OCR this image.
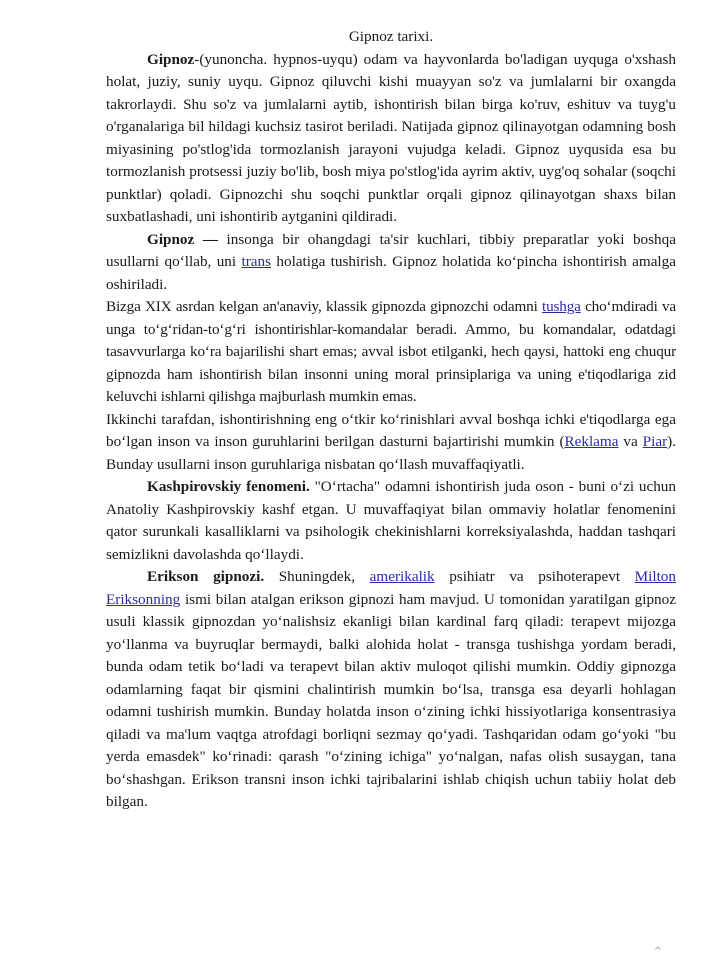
Gipnoz tarixi.

Gipnoz-(yunoncha. hypnos-uyqu) odam va hayvonlarda bo'ladigan uyquga o'xshash holat, juziy, suniy uyqu. Gipnoz qiluvchi kishi muayyan so'z va jumlalarni bir oxangda takrorlaydi. Shu so'z va jumlalarni aytib, ishontirish bilan birga ko'ruv, eshituv va tuyg'u o'rganalariga bil hildagi kuchsiz tasirot beriladi. Natijada gipnoz qilinayotgan odamning bosh miyasining po'stlog'ida tormozlanish jarayoni vujudga keladi. Gipnoz uyqusida esa bu tormozlanish protsessi juziy bo'lib, bosh miya po'stlog'ida ayrim aktiv, uyg'oq sohalar (soqchi punktlar) qoladi. Gipnozchi shu soqchi punktlar orqali gipnoz qilinayotgan shaxs bilan suxbatlashadi, uni ishontirib aytganini qildiradi.

Gipnoz — insonga bir ohangdagi ta'sir kuchlari, tibbiy preparatlar yoki boshqa usullarni qo‘llab, uni trans holatiga tushirish. Gipnoz holatida ko‘pincha ishontirish amalga oshiriladi.

Bizga XIX asrdan kelgan an'anaviy, klassik gipnozda gipnozchi odamni tushga cho‘mdiradi va unga to‘g‘ridan-to‘g‘ri ishontirishlar-komandalar beradi. Ammo, bu komandalar, odatdagi tasavvurlarga ko‘ra bajarilishi shart emas; avval isbot etilganki, hech qaysi, hattoki eng chuqur gipnozda ham ishontirish bilan insonni uning moral prinsiplariga va uning e'tiqodlariga zid keluvchi ishlarni qilishga majburlash mumkin emas.

Ikkinchi tarafdan, ishontirishning eng o‘tkir ko‘rinishlari avval boshqa ichki e'tiqodlarga ega bo‘lgan inson va inson guruhlarini berilgan dasturni bajartirishi mumkin (Reklama va Piar). Bunday usullarni inson guruhlariga nisbatan qo‘llash muvaffaqiyatli.

Kashpirovskiy fenomeni. "O‘rtacha" odamni ishontirish juda oson - buni o‘zi uchun Anatoliy Kashpirovskiy kashf etgan. U muvaffaqiyat bilan ommaviy holatlar fenomenini qator surunkali kasalliklarni va psihologik chekinishlarni korreksiyalashda, haddan tashqari semizlikni davolashda qo‘llaydi.

Erikson gipnozi. Shuningdek, amerikalik psihiatr va psihoterapevt Milton Eriksonning ismi bilan atalgan erikson gipnozi ham mavjud. U tomonidan yaratilgan gipnoz usuli klassik gipnozdan yo‘nalishsiz ekanligi bilan kardinal farq qiladi: terapevt mijozga yo‘llanma va buyruqlar bermaydi, balki alohida holat - transga tushishga yordam beradi, bunda odam tetik bo‘ladi va terapevt bilan aktiv muloqot qilishi mumkin. Oddiy gipnozga odamlarning faqat bir qismini chalintirish mumkin bo‘lsa, transga esa deyarli hohlagan odamni tushirish mumkin. Bunday holatda inson o‘zining ichki hissiyotlariga konsentrasiya qiladi va ma'lum vaqtga atrofdagi borliqni sezmay qo‘yadi. Tashqaridan odam go‘yoki "bu yerda emasdek" ko‘rinadi: qarash "o‘zining ichiga" yo‘nalgan, nafas olish susaygan, tana bo‘shashgan. Erikson transni inson ichki tajribalarini ishlab chiqish uchun tabiiy holat deb bilgan.

^
